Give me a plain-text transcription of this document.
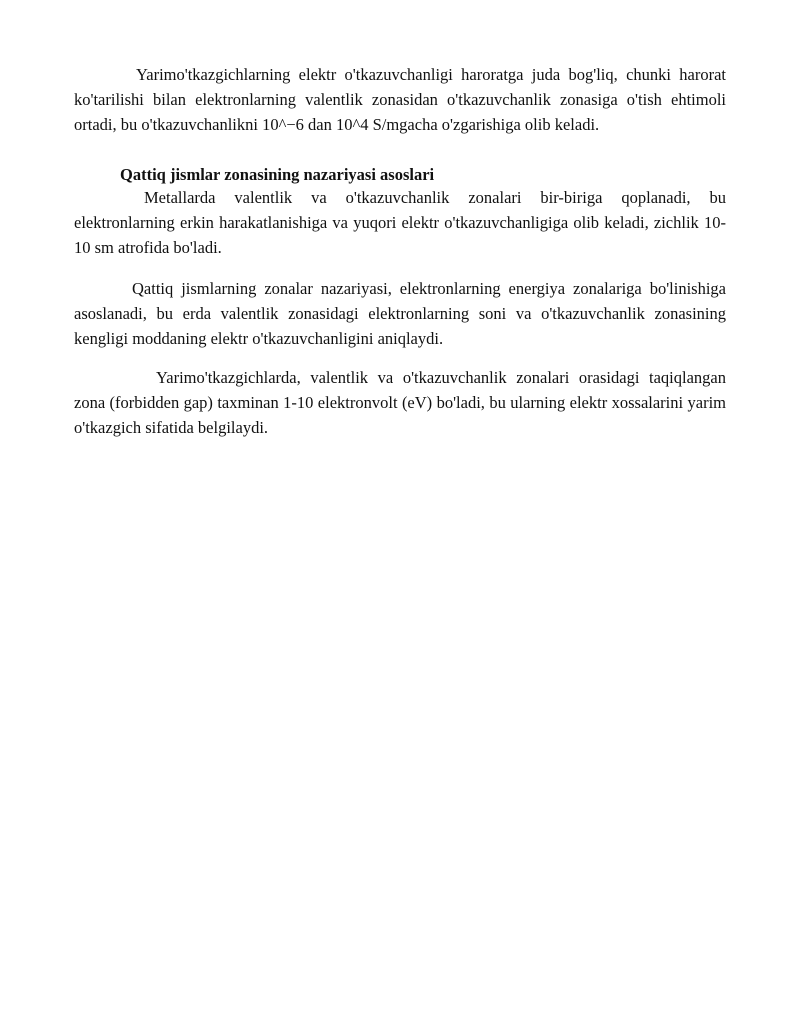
Yarimo'tkazgichlarning elektr o'tkazuvchanligi haroratga juda bog'liq, chunki harorat ko'tarilishi bilan elektronlarning valentlik zonasidan o'tkazuvchanlik zonasiga o'tish ehtimoli ortadi, bu o'tkazuvchanlikni 10^−6 dan 10^4 S/mgacha o'zgarishiga olib keladi.

Qattiq jismlar zonasining nazariyasi asoslari

Metallarda valentlik va o'tkazuvchanlik zonalari bir-biriga qoplanadi, bu elektronlarning erkin harakatlanishiga va yuqori elektr o'tkazuvchanligiga olib keladi, zichlik 10-10 sm atrofida bo'ladi.

Qattiq jismlarning zonalar nazariyasi, elektronlarning energiya zonalariga bo'linishiga asoslanadi, bu erda valentlik zonasidagi elektronlarning soni va o'tkazuvchanlik zonasining kengligi moddaning elektr o'tkazuvchanligini aniqlaydi.

Yarimo'tkazgichlarda, valentlik va o'tkazuvchanlik zonalari orasidagi taqiqlangan zona (forbidden gap) taxminan 1-10 elektronvolt (eV) bo'ladi, bu ularning elektr xossalarini yarim o'tkazgich sifatida belgilaydi.
